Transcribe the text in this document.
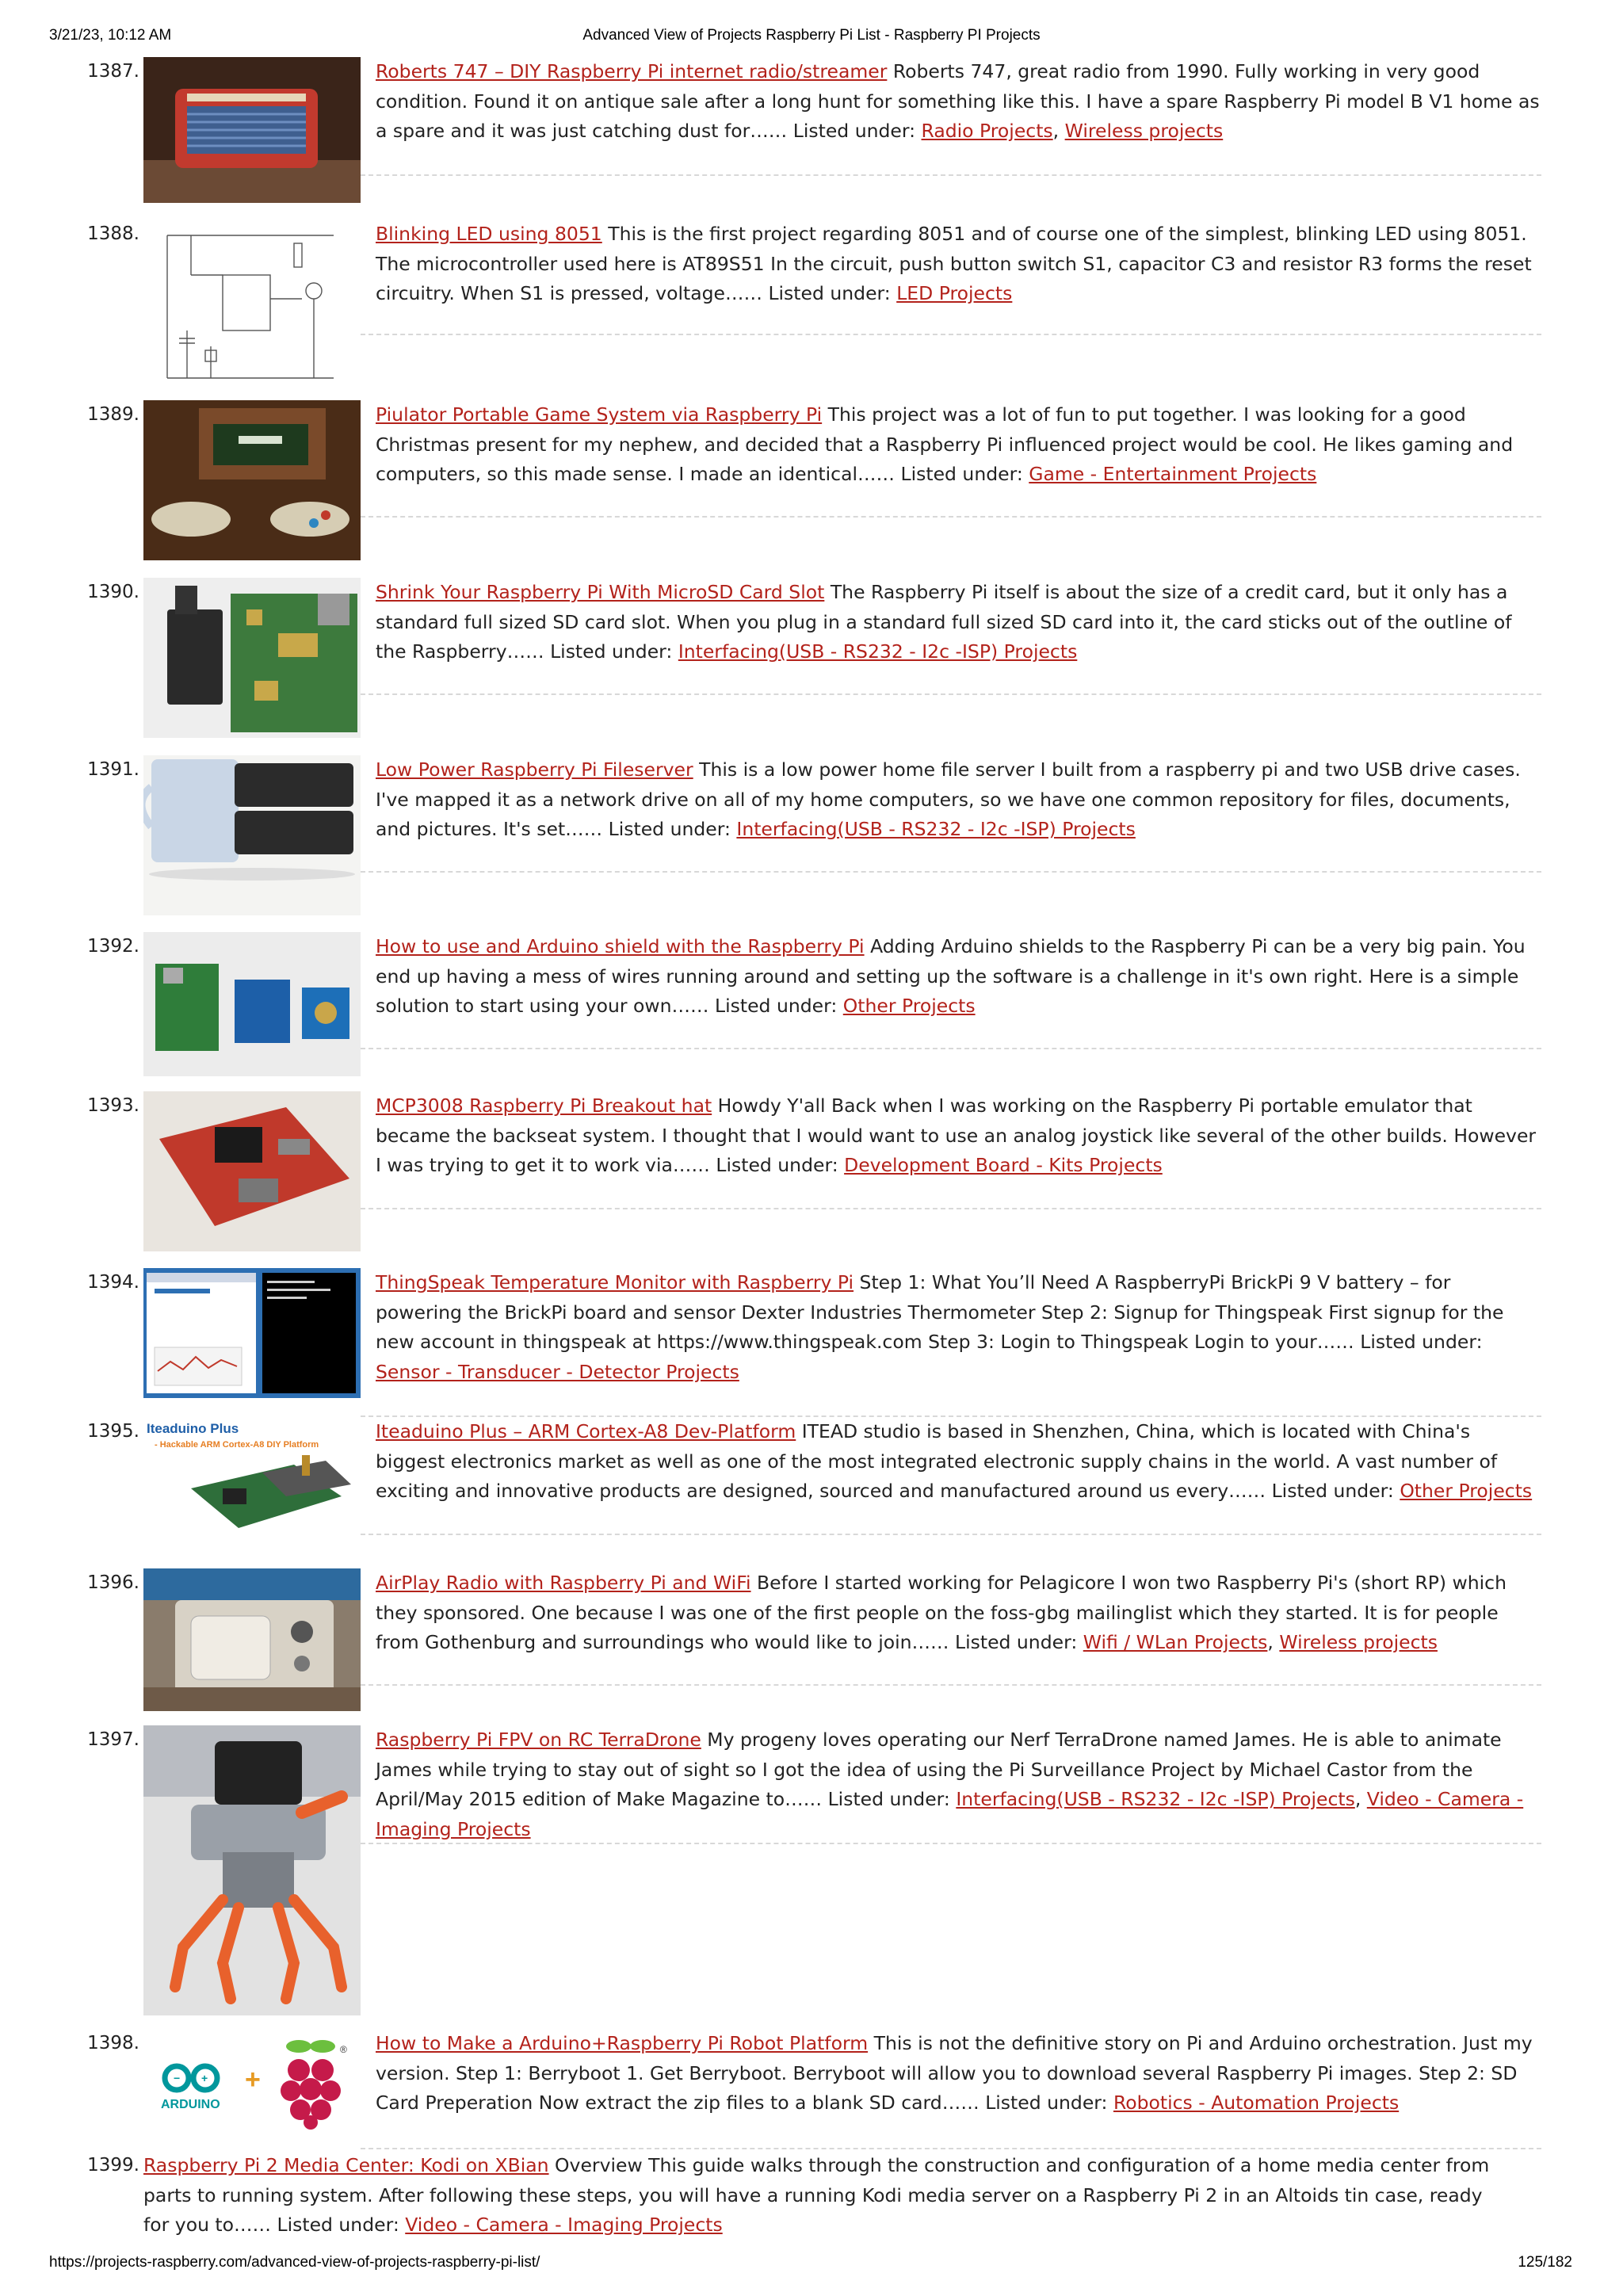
3/21/23, 10:12 AM	Advanced View of Projects Raspberry Pi List - Raspberry PI Projects
1387.	Roberts 747 – DIY Raspberry Pi internet radio/streamer Roberts 747, great radio from 1990. Fully working in very good condition. Found it on antique sale after a long hunt for something like this. I have a spare Raspberry Pi model B V1 home as a spare and it was just catching dust for…… Listed under: Radio Projects, Wireless projects
1388.	Blinking LED using 8051 This is the first project regarding 8051 and of course one of the simplest, blinking LED using 8051. The microcontroller used here is AT89S51 In the circuit, push button switch S1, capacitor C3 and resistor R3 forms the reset circuitry. When S1 is pressed, voltage…… Listed under: LED Projects
1389.	Piulator Portable Game System via Raspberry Pi This project was a lot of fun to put together. I was looking for a good Christmas present for my nephew, and decided that a Raspberry Pi influenced project would be cool. He likes gaming and computers, so this made sense. I made an identical…… Listed under: Game - Entertainment Projects
1390.	Shrink Your Raspberry Pi With MicroSD Card Slot The Raspberry Pi itself is about the size of a credit card, but it only has a standard full sized SD card slot. When you plug in a standard full sized SD card into it, the card sticks out of the outline of the Raspberry…… Listed under: Interfacing(USB - RS232 - I2c -ISP) Projects
1391.	Low Power Raspberry Pi Fileserver This is a low power home file server I built from a raspberry pi and two USB drive cases. I've mapped it as a network drive on all of my home computers, so we have one common repository for files, documents, and pictures. It's set…… Listed under: Interfacing(USB - RS232 - I2c -ISP) Projects
1392.	How to use and Arduino shield with the Raspberry Pi Adding Arduino shields to the Raspberry Pi can be a very big pain. You end up having a mess of wires running around and setting up the software is a challenge in it's own right. Here is a simple solution to start using your own…… Listed under: Other Projects
1393.	MCP3008 Raspberry Pi Breakout hat Howdy Y'all Back when I was working on the Raspberry Pi portable emulator that became the backseat system. I thought that I would want to use an analog joystick like several of the other builds. However I was trying to get it to work via…… Listed under: Development Board - Kits Projects
1394.	ThingSpeak Temperature Monitor with Raspberry Pi Step 1: What You’ll Need A RaspberryPi BrickPi 9 V battery – for powering the BrickPi board and sensor Dexter Industries Thermometer Step 2: Signup for Thingspeak First signup for the new account in thingspeak at https://www.thingspeak.com Step 3: Login to Thingspeak Login to your…… Listed under: Sensor - Transducer - Detector Projects
1395. Iteaduino Plus
- Hackable ARM Cortex-A8 DIY Platform
Iteaduino Plus – ARM Cortex-A8 Dev-Platform ITEAD studio is based in Shenzhen, China, which is located with China's biggest electronics market as well as one of the most integrated electronic supply chains in the world. A vast number of exciting and innovative products are designed, sourced and manufactured around us every…… Listed under: Other Projects
1396.	AirPlay Radio with Raspberry Pi and WiFi Before I started working for Pelagicore I won two Raspberry Pi's (short RP) which they sponsored. One because I was one of the first people on the foss-gbg mailinglist which they started. It is for people from Gothenburg and surroundings who would like to join…… Listed under: Wifi / WLan Projects, Wireless projects
1397.	Raspberry Pi FPV on RC TerraDrone My progeny loves operating our Nerf TerraDrone named James. He is able to animate James while trying to stay out of sight so I got the idea of using the Pi Surveillance Project by Michael Castor from the April/May 2015 edition of Make Magazine to…… Listed under: Interfacing(USB - RS232 - I2c -ISP) Projects, Video - Camera - Imaging Projects
1398.
− +
ARDUINO
+
® How to Make a Arduino+Raspberry Pi Robot Platform This is not the definitive story on Pi and Arduino orchestration. Just my version. Step 1: Berryboot 1. Get Berryboot. Berryboot will allow you to download several Raspberry Pi images. Step 2: SD Card Preperation Now extract the zip files to a blank SD card…… Listed under: Robotics - Automation Projects
1399. Raspberry Pi 2 Media Center: Kodi on XBian Overview This guide walks through the construction and configuration of a home media center from parts to running system. After following these steps, you will have a running Kodi media server on a Raspberry Pi 2 in an Altoids tin case, ready for you to…… Listed under: Video - Camera - Imaging Projects
https://projects-raspberry.com/advanced-view-of-projects-raspberry-pi-list/	125/182
